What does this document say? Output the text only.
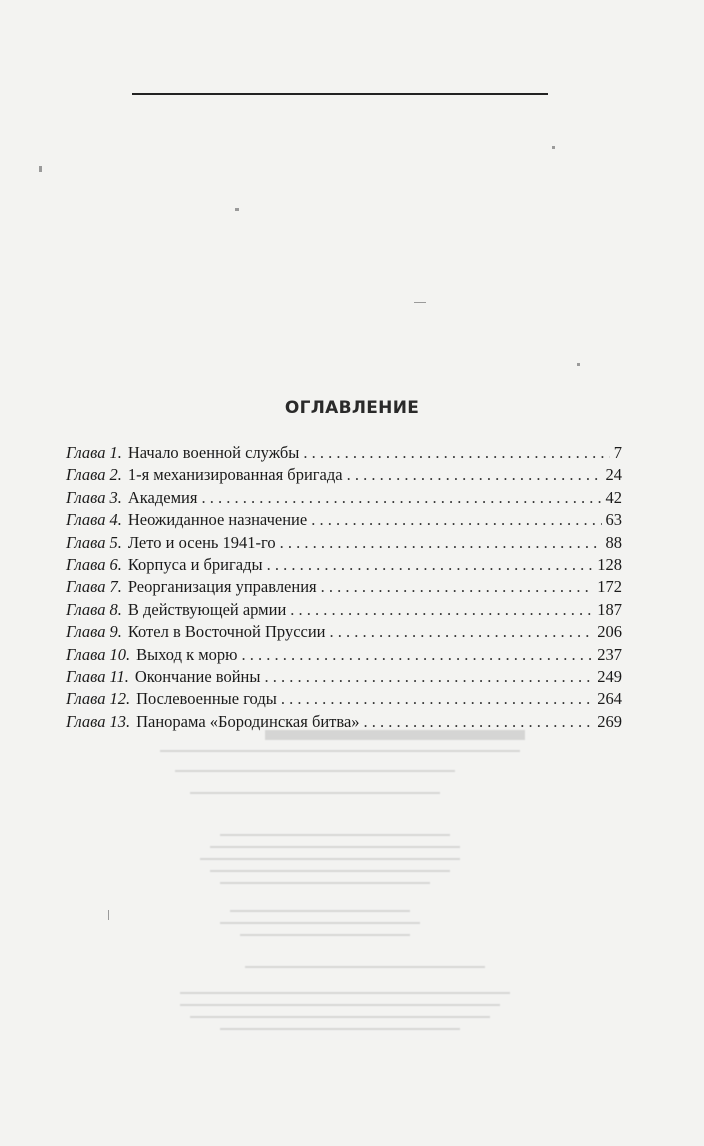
ОГЛАВЛЕНИЕ
Глава 1. Начало военной службы . . .	7
Глава 2. 1-я механизированная бригада . . .	24
Глава 3. Академия . . .	42
Глава 4. Неожиданное назначение . . .	63
Глава 5. Лето и осень 1941-го . . .	88
Глава 6. Корпуса и бригады . . .	128
Глава 7. Реорганизация управления . . .	172
Глава 8. В действующей армии . . .	187
Глава 9. Котел в Восточной Пруссии . . .	206
Глава 10. Выход к морю . . .	237
Глава 11. Окончание войны . . .	249
Глава 12. Послевоенные годы . . .	264
Глава 13. Панорама «Бородинская битва» . . .	269
